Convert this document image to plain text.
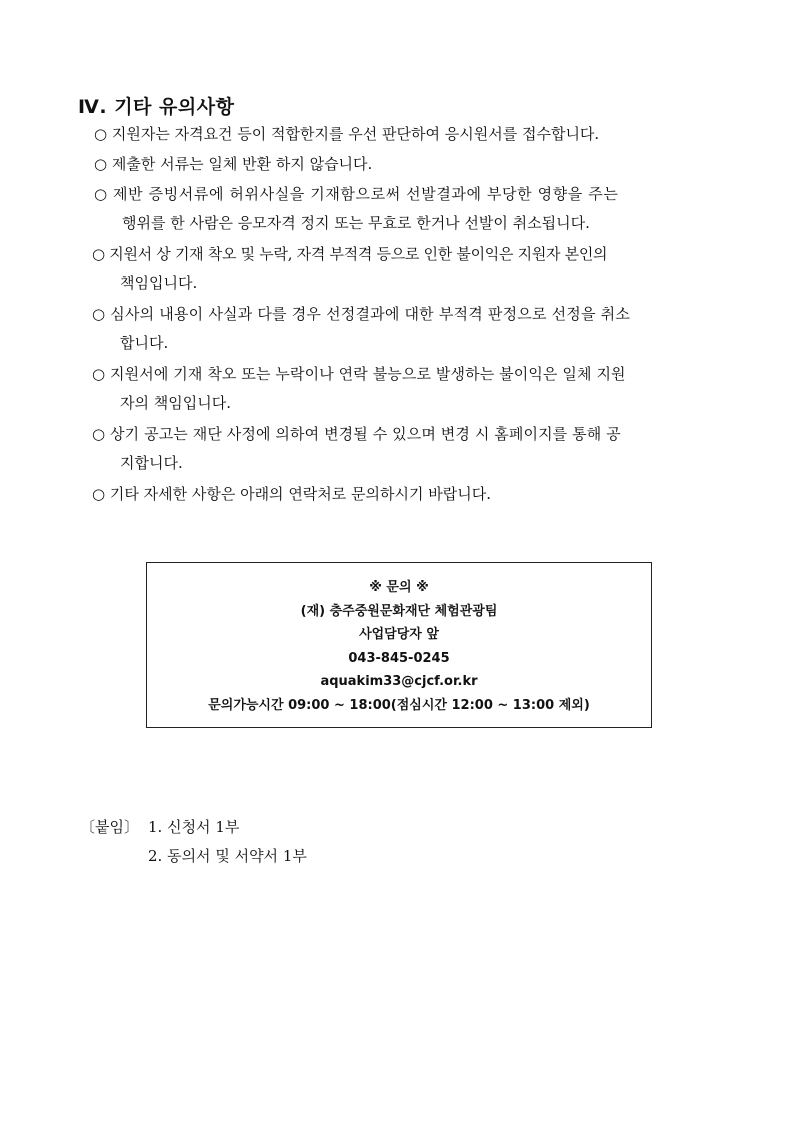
Ⅳ. 기타 유의사항
○ 지원자는 자격요건 등이 적합한지를 우선 판단하여 응시원서를 접수합니다.
○ 제출한 서류는 일체 반환 하지 않습니다.
○ 제반 증빙서류에 허위사실을 기재함으로써 선발결과에 부당한 영향을 주는
행위를 한 사람은 응모자격 정지 또는 무효로 한거나 선발이 취소됩니다.
○ 지원서 상 기재 착오 및 누락, 자격 부적격 등으로 인한 불이익은 지원자 본인의
책임입니다.
○ 심사의 내용이 사실과 다를 경우 선정결과에 대한 부적격 판정으로 선정을 취소
합니다.
○ 지원서에 기재 착오 또는 누락이나 연락 불능으로 발생하는 불이익은 일체 지원
자의 책임입니다.
○ 상기 공고는 재단 사정에 의하여 변경될 수 있으며 변경 시 홈페이지를 통해 공
지합니다.
○ 기타 자세한 사항은 아래의 연락처로 문의하시기 바랍니다.
※ 문의 ※
(재) 충주중원문화재단 체험관광팀
사업담당자 앞
043-845-0245
aquakim33@cjcf.or.kr
문의가능시간 09:00 ~ 18:00(점심시간 12:00 ~ 13:00 제외)
〔붙임〕 1. 신청서 1부
2. 동의서 및 서약서 1부
